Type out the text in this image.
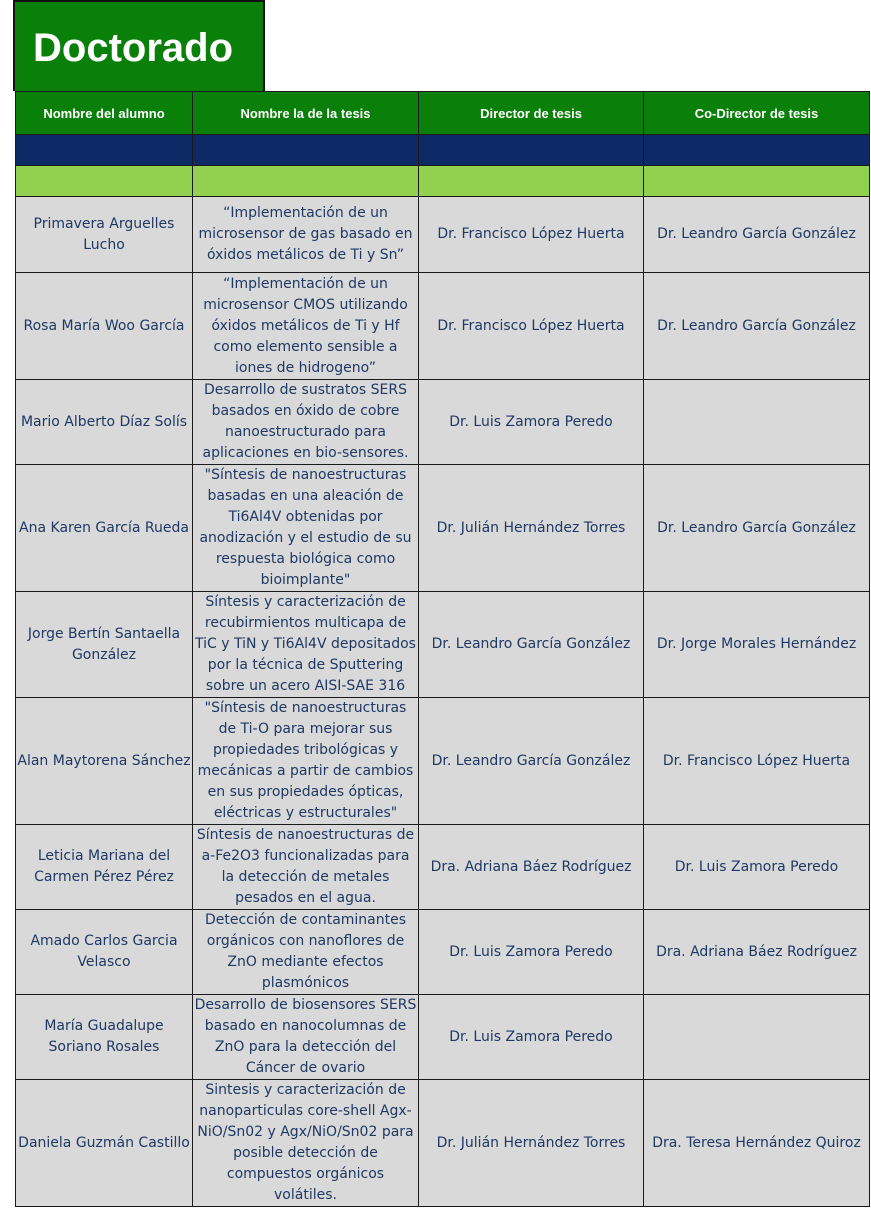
Doctorado
Nombre del alumno	Nombre la de la tesis	Director de tesis	Co-Director de tesis

Primavera Arguelles Lucho	“Implementación de un microsensor de gas basado en óxidos metálicos de Ti y Sn”	Dr. Francisco López Huerta	Dr. Leandro García González
Rosa María Woo García	“Implementación de un microsensor CMOS utilizando óxidos metálicos de Ti y Hf como elemento sensible a iones de hidrogeno”	Dr. Francisco López Huerta	Dr. Leandro García González
Mario Alberto Díaz Solís	Desarrollo de sustratos SERS basados en óxido de cobre nanoestructurado para aplicaciones en bio-sensores.	Dr. Luis Zamora Peredo	
Ana Karen García Rueda	"Síntesis de nanoestructuras basadas en una aleación de Ti6Al4V obtenidas por anodización y el estudio de su respuesta biológica como bioimplante"	Dr. Julián Hernández Torres	Dr. Leandro García González
Jorge Bertín Santaella González	Síntesis y caracterización de recubirmientos multicapa de TiC y TiN y Ti6Al4V depositados por la técnica de Sputtering sobre un acero AISI-SAE 316	Dr. Leandro García González	Dr. Jorge Morales Hernández
Alan Maytorena Sánchez	"Síntesis de nanoestructuras de Ti-O para mejorar sus propiedades tribológicas y mecánicas a partir de cambios en sus propiedades ópticas, eléctricas y estructurales"	Dr. Leandro García González	Dr. Francisco López Huerta
Leticia Mariana del Carmen Pérez Pérez	Síntesis de nanoestructuras de a-Fe2O3 funcionalizadas para la detección de metales pesados en el agua.	Dra. Adriana Báez Rodríguez	Dr. Luis Zamora Peredo
Amado Carlos Garcia Velasco	Detección de contaminantes orgánicos con nanoflores de ZnO mediante efectos plasmónicos	Dr. Luis Zamora Peredo	Dra. Adriana Báez Rodríguez
María Guadalupe Soriano Rosales	Desarrollo de biosensores SERS basado en nanocolumnas de ZnO para la detección del Cáncer de ovario	Dr. Luis Zamora Peredo	
Daniela Guzmán Castillo	Sintesis y caracterización de nanoparticulas core-shell Agx-NiO/Sn02 y Agx/NiO/Sn02 para posible detección de compuestos orgánicos volátiles.	Dr. Julián Hernández Torres	Dra. Teresa Hernández Quiroz
